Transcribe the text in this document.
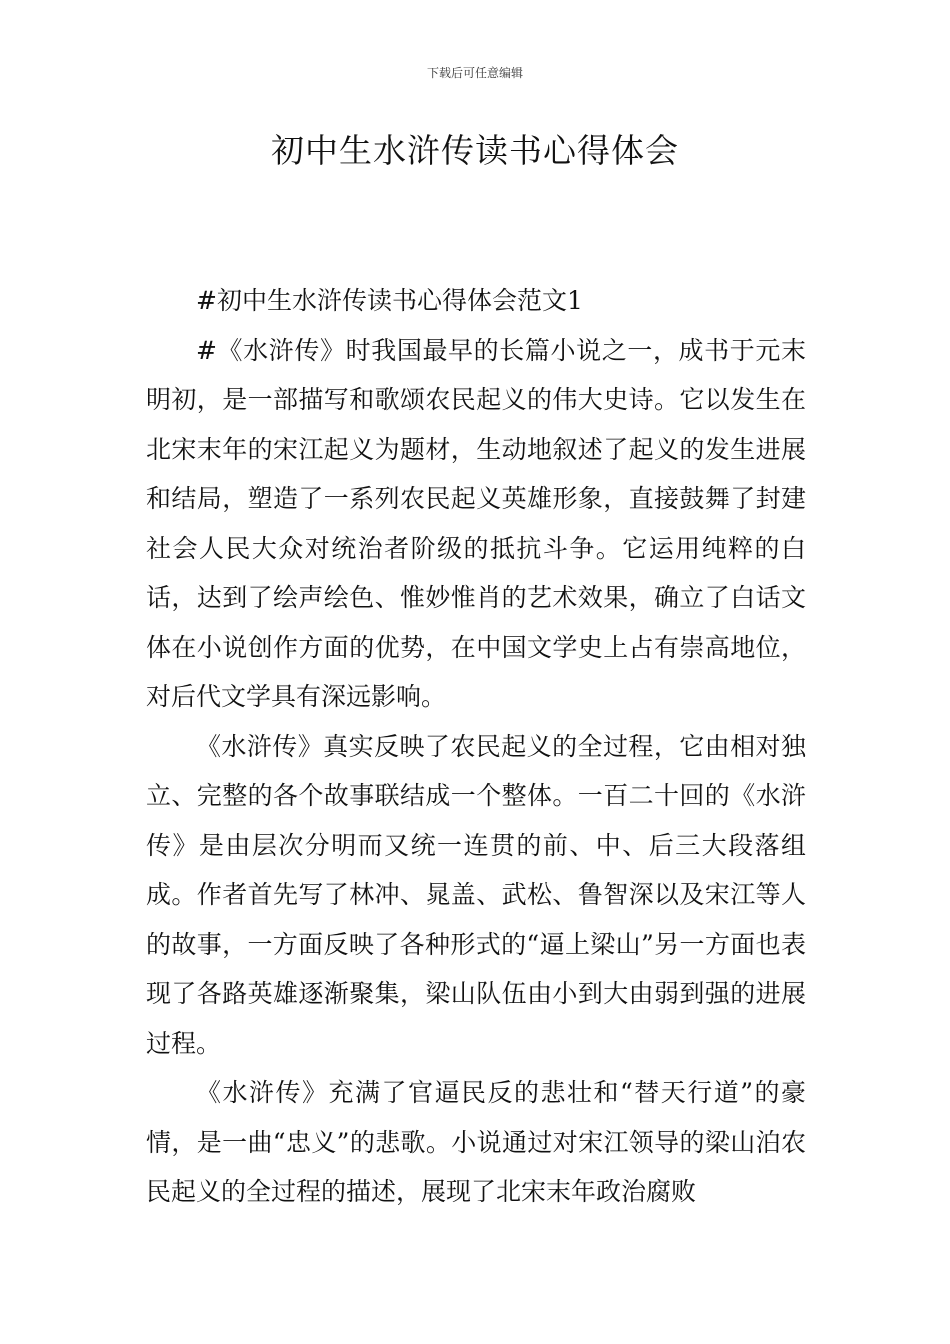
下载后可任意编辑
初中生水浒传读书心得体会

#初中生水浒传读书心得体会范文1

#《水浒传》时我国最早的长篇小说之一，成书于元末明初，是一部描写和歌颂农民起义的伟大史诗。它以发生在北宋末年的宋江起义为题材，生动地叙述了起义的发生进展和结局，塑造了一系列农民起义英雄形象，直接鼓舞了封建社会人民大众对统治者阶级的抵抗斗争。它运用纯粹的白话，达到了绘声绘色、惟妙惟肖的艺术效果，确立了白话文体在小说创作方面的优势，在中国文学史上占有崇高地位，对后代文学具有深远影响。

《水浒传》真实反映了农民起义的全过程，它由相对独立、完整的各个故事联结成一个整体。一百二十回的《水浒传》是由层次分明而又统一连贯的前、中、后三大段落组成。作者首先写了林冲、晁盖、武松、鲁智深以及宋江等人的故事，一方面反映了各种形式的“逼上梁山”另一方面也表现了各路英雄逐渐聚集，梁山队伍由小到大由弱到强的进展过程。

《水浒传》充满了官逼民反的悲壮和“替天行道”的豪情，是一曲“忠义”的悲歌。小说通过对宋江领导的梁山泊农民起义的全过程的描述，展现了北宋末年政治腐败
